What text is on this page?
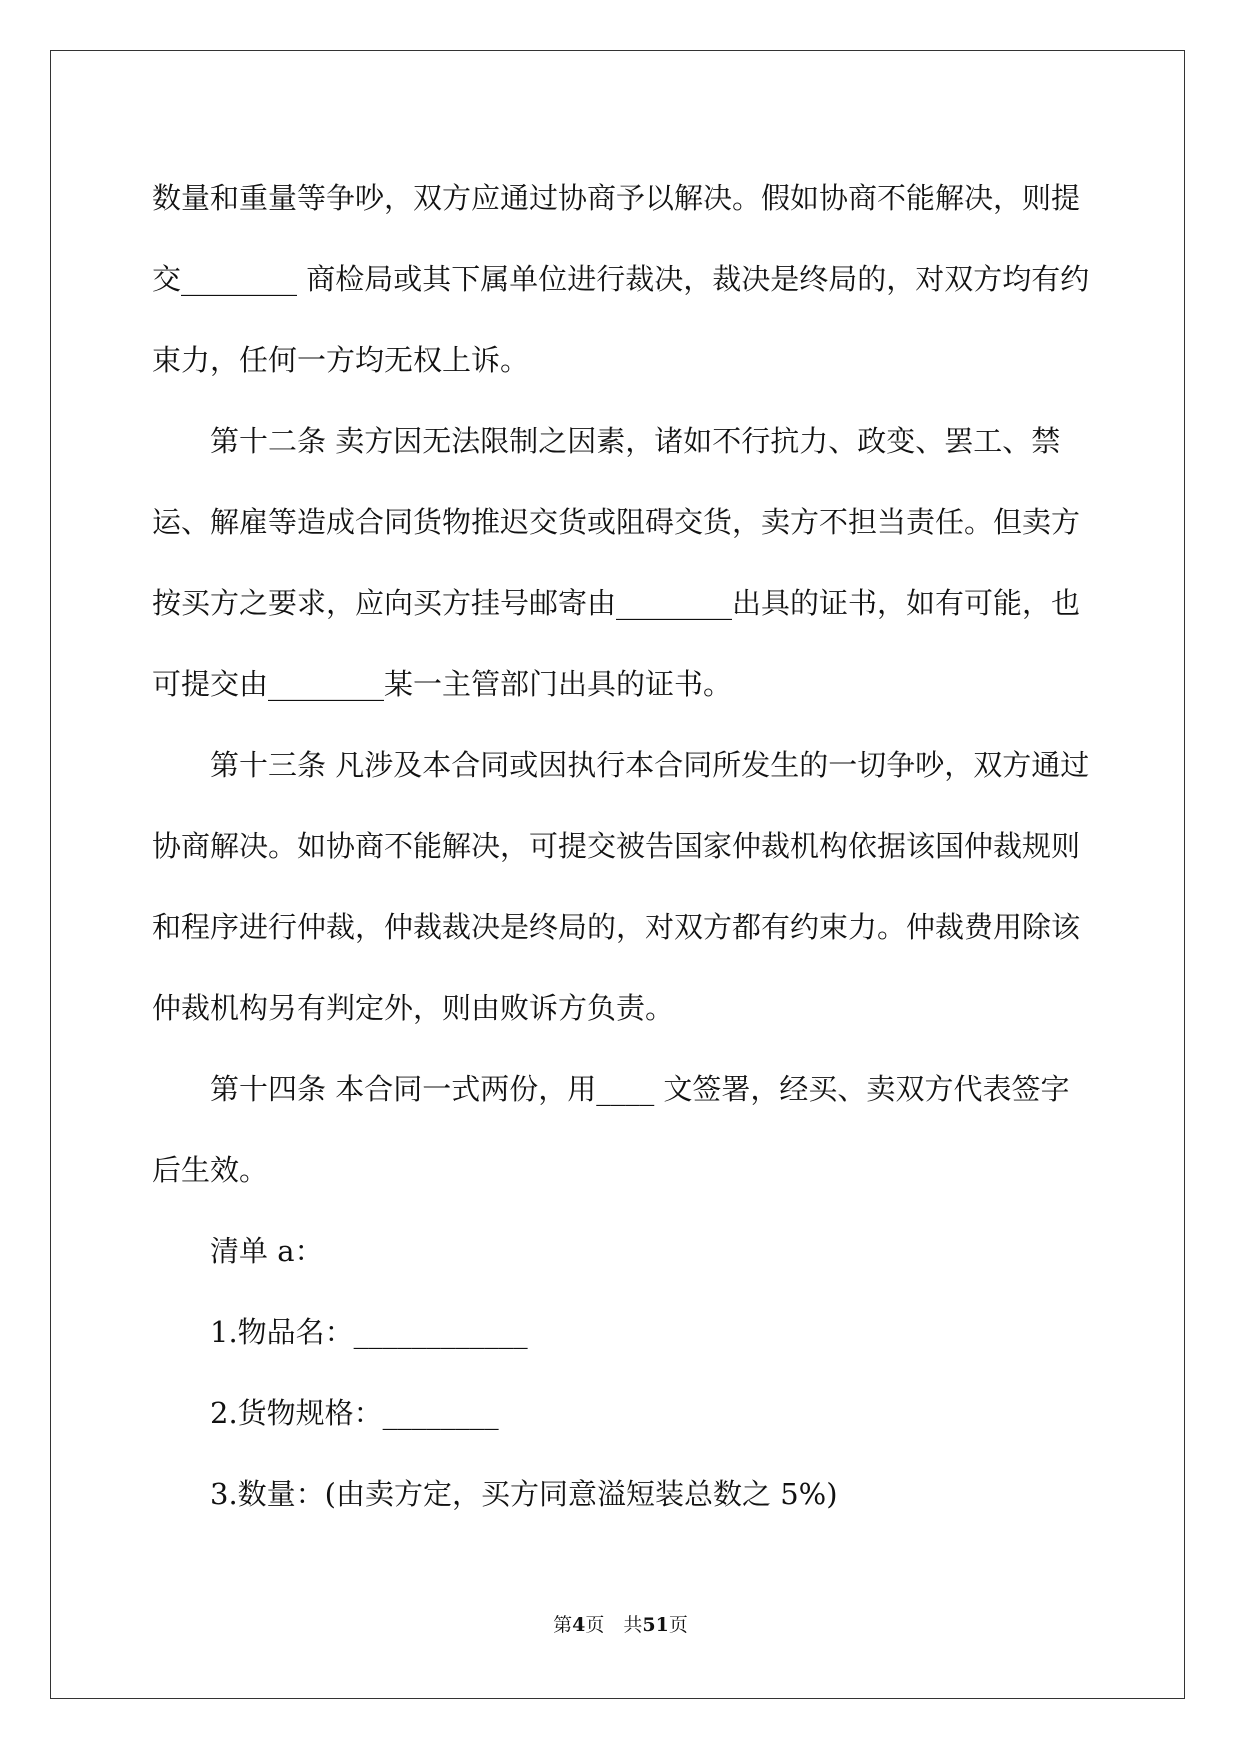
数量和重量等争吵，双方应通过协商予以解决。假如协商不能解决，则提交________ 商检局或其下属单位进行裁决，裁决是终局的，对双方均有约束力，任何一方均无权上诉。

第十二条 卖方因无法限制之因素，诸如不行抗力、政变、罢工、禁运、解雇等造成合同货物推迟交货或阻碍交货，卖方不担当责任。但卖方按买方之要求，应向买方挂号邮寄由________出具的证书，如有可能，也可提交由________某一主管部门出具的证书。

第十三条 凡涉及本合同或因执行本合同所发生的一切争吵，双方通过协商解决。如协商不能解决，可提交被告国家仲裁机构依据该国仲裁规则和程序进行仲裁，仲裁裁决是终局的，对双方都有约束力。仲裁费用除该仲裁机构另有判定外，则由败诉方负责。

第十四条 本合同一式两份，用____ 文签署，经买、卖双方代表签字后生效。

清单 a：

1.物品名：____________

2.货物规格：________

3.数量：(由卖方定，买方同意溢短装总数之 5%)

第4页　共51页
